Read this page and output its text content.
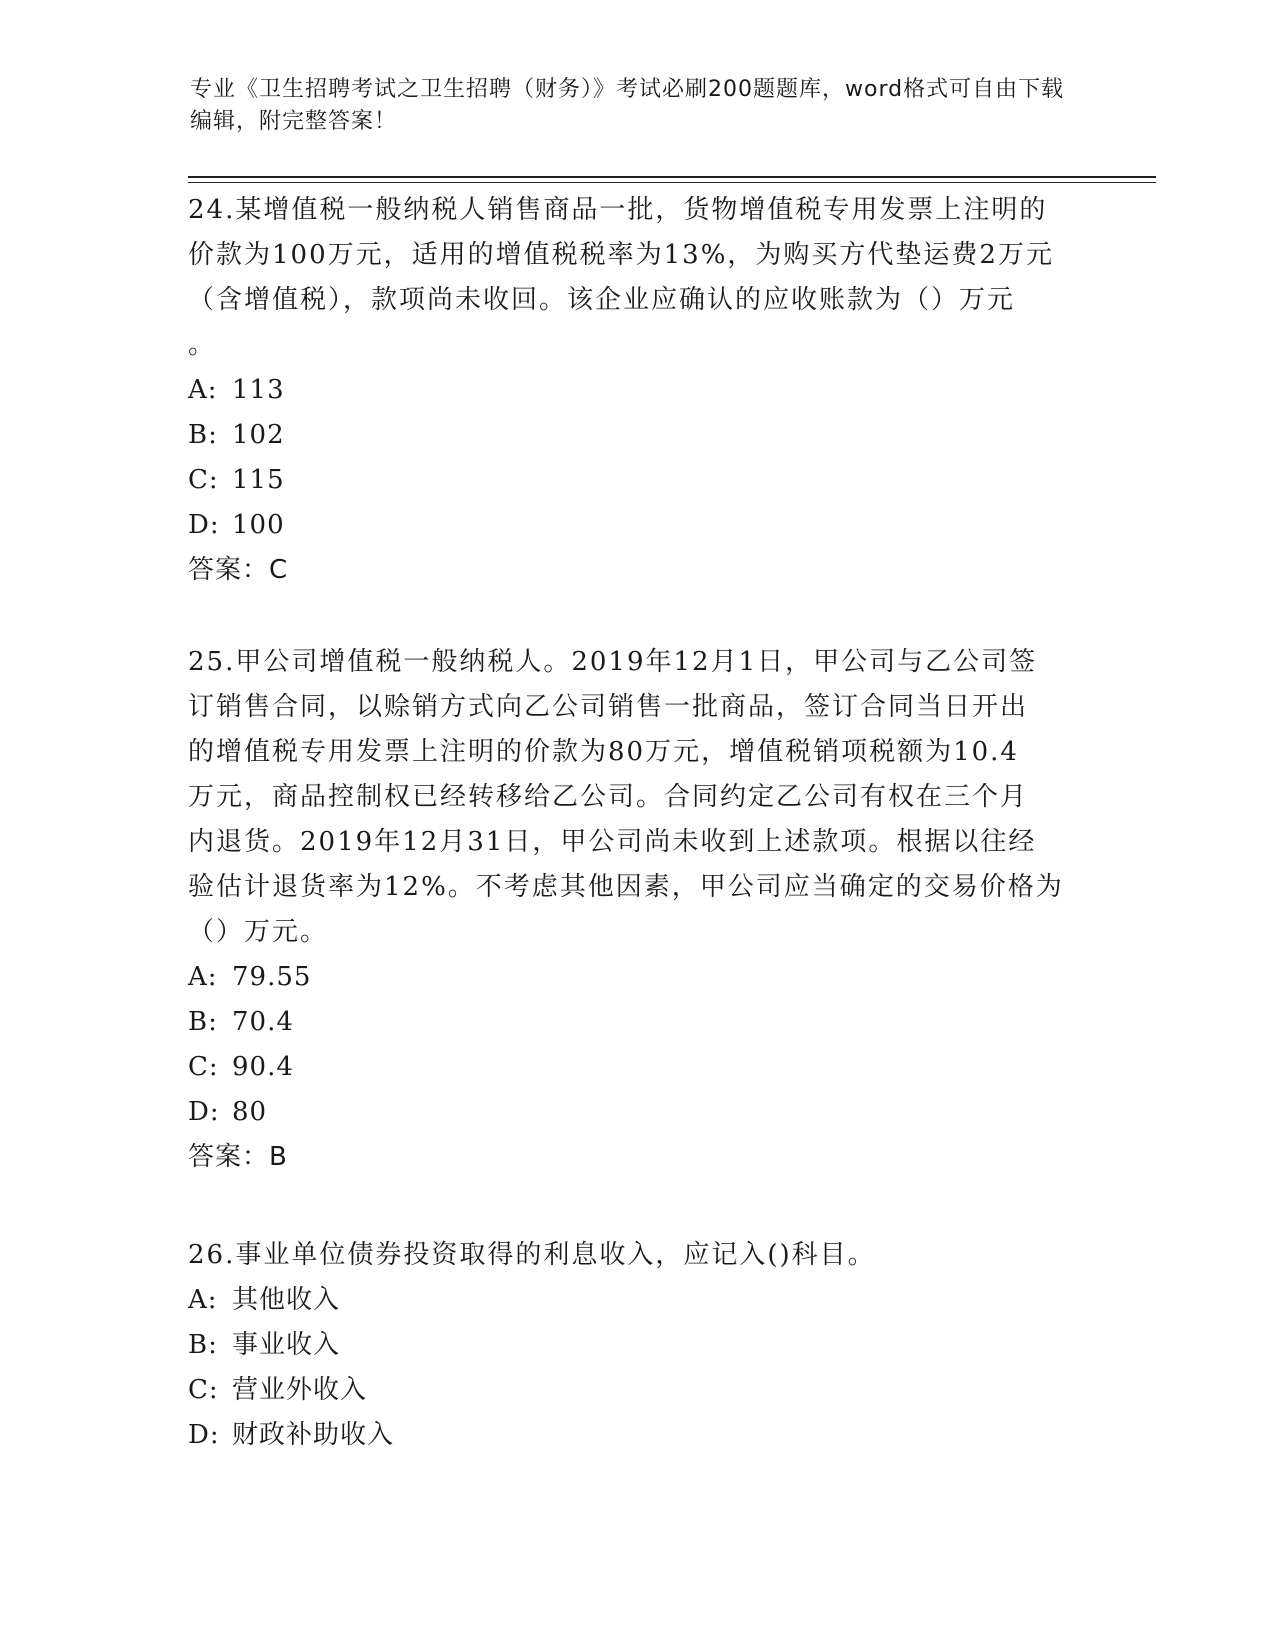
专业《卫生招聘考试之卫生招聘（财务）》考试必刷200题题库，word格式可自由下载编辑，附完整答案！

24.某增值税一般纳税人销售商品一批，货物增值税专用发票上注明的

价款为100万元，适用的增值税税率为13%，为购买方代垫运费2万元

（含增值税），款项尚未收回。该企业应确认的应收账款为（）万元

。

A: 113

B: 102

C: 115

D: 100

答案：C

25.甲公司增值税一般纳税人。2019年12月1日，甲公司与乙公司签

订销售合同，以赊销方式向乙公司销售一批商品，签订合同当日开出

的增值税专用发票上注明的价款为80万元，增值税销项税额为10.4

万元，商品控制权已经转移给乙公司。合同约定乙公司有权在三个月

内退货。2019年12月31日，甲公司尚未收到上述款项。根据以往经

验估计退货率为12%。不考虑其他因素，甲公司应当确定的交易价格为

（）万元。

A: 79.55

B: 70.4

C: 90.4

D: 80

答案：B

26.事业单位债券投资取得的利息收入，应记入()科目。

A: 其他收入

B: 事业收入

C: 营业外收入

D: 财政补助收入
